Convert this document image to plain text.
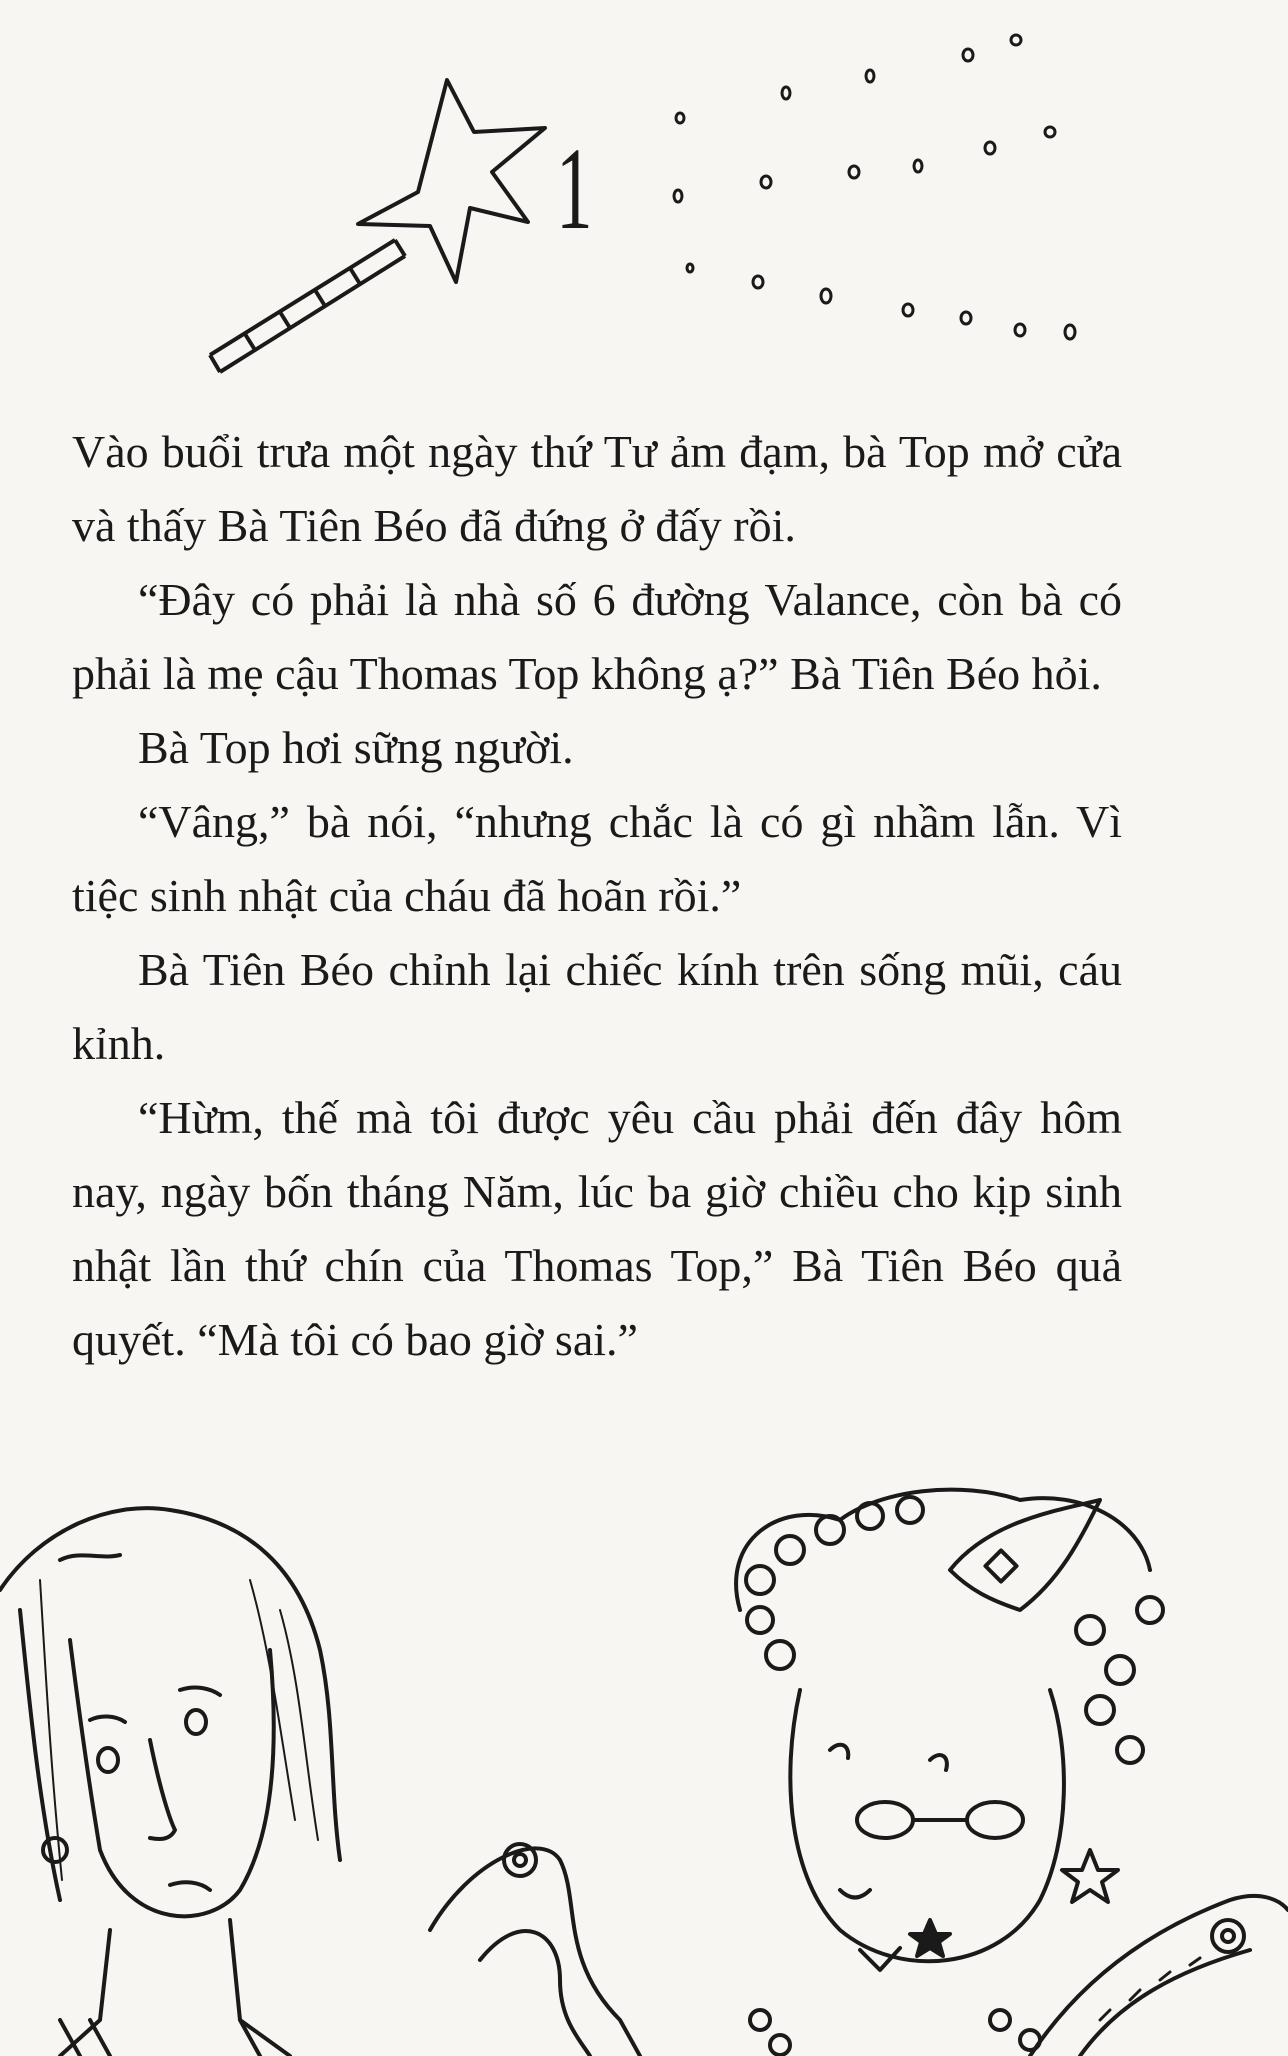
1

Vào buổi trưa một ngày thứ Tư ảm đạm, bà Top mở cửa và thấy Bà Tiên Béo đã đứng ở đấy rồi.

“Đây có phải là nhà số 6 đường Valance, còn bà có phải là mẹ cậu Thomas Top không ạ?” Bà Tiên Béo hỏi.

Bà Top hơi sững người.

“Vâng,” bà nói, “nhưng chắc là có gì nhầm lẫn. Vì tiệc sinh nhật của cháu đã hoãn rồi.”

Bà Tiên Béo chỉnh lại chiếc kính trên sống mũi, cáu kỉnh.

“Hừm, thế mà tôi được yêu cầu phải đến đây hôm nay, ngày bốn tháng Năm, lúc ba giờ chiều cho kịp sinh nhật lần thứ chín của Thomas Top,” Bà Tiên Béo quả quyết. “Mà tôi có bao giờ sai.”
